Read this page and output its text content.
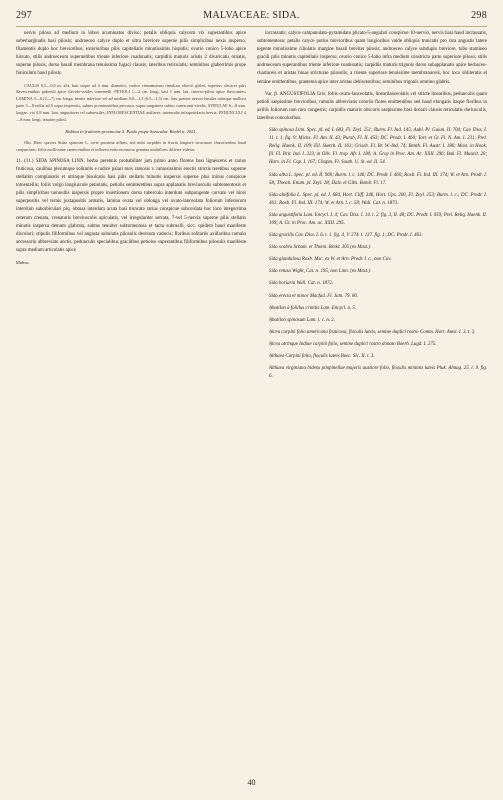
297	MALVACEAE: SIDA.	298

nervis piloso ad medium in lobos acuminatos diviso; petalis obliquis calycem vix superantibus apice subemarginatis basi pilosis; androeceo calyce duplo et ultra breviore superne pilis simplicibus nexis insperso, filamentis duplo hoc brevioribus, exterioribus pilis capitellatis minutissimis hispidis; ovario conico 5-lobo apice hirsuto, stilis androeceum superantibus triente inferiore coadunatis; carpidiis maturis aristis 2 divaricatis ornatis, superne pilosis, dorso basali membrana tenuissima fugaci clausis, lateribus reticulatis; seminibus glaberrimis prope funiculum haud pilosis.

CAULIS 0,5—0,6 m. alti, basi usque ad 4 mm. diametro, cortice cinnamomeo rimuloso obtecti glabri, superius olivacei pilis flavescentibus puberuli apice flavido-virides tomentelli. PETIOLI 1—2 cm. longi, basi 1 mm. lati, cinereo-pilosi apice flavicantes; LAMINA 3—6 (2—7) cm. longa, triente inferiore vel ad medium 0,8—1,3 (0,5—1,5) cm. lata, praeter nervos basales utrinque mollissi parte 5—8 radiis ad 6 supra impressis, subtus prominentibus percursa, supra sanguinea subtus canescenti-viridis; STIPULAE 6—8 mm. longae, vix 0,8 mm. lata, angustiores rel subsessiles; INFLORESCENTIAE axillares, internodia infrapetiolaria brevia. PEDUNCULI 4—8 mm. longi, tenuiter pilosi.

Habitat in fruticetis provinciae S. Paulo prope Sorocaba: Riedel n. 2021.

Obs. Haec species Sidae spinosae L. certe proxima affinis, sed mihi carpidiis in fructu longiore structurae characteribus haud conjunctam; foliis mollissime canescentibus et inflorescentia racemosa genuina multifloris differre videtur.

11. (11.) SIDA SPINOSA LINN. herba perennis probabiliter jam primo anno florens basi lignescens et rarius fruticosa, caulibus plerumque solitariis e radice palari mox ramosis v. ramosissimis erectis strictis teretibus superne stellatim complanatis et utrinque bisulcatis basi pilis stellatis minutis inspersis superne plus minus conspicue tomentellis; foliis vulgo longiuscule petiolatis, petiolis semiteretibus supra applanatis breviusculis subtomentosis et pilis simplicibus nonnullis inspersis propre insertionem dorso tuberculo interdum subpungente curvato vel binis superpositis vel ternis juxtapositis armatis, lamina ovata vel oblonga vel ovato-lanceolata foliorum inferiorum interdum suborbiculari plq. obtusa interdum acuta basi truncata rarius conspicue subcordata hoc loco integerrima ceterum crenata, crenaturis breviusculis apiculatis, vel irregulariter serrata, 7-vel 5-nervia superne pilis stellatis minutis inspersa demum glabrata, subtus tenuiter subtomentosa et tactu submolli, sicc. quidem haud manifeste discolori; stipulis filiformibus vel angusta subulatis pilosulis deorsum caducis; floribus solitariis axillaribus ramulo accessorio abbreviato anctis, pedunculis specialibus gracilibus petiolos superantibus filiformibus pilosulis manifeste supra medium articulatis apice

Malvac.

incrassatis; calyce campanulato-pyramidato plicato-5-angulari conspicue 10-nervio, nervis basi haud incrassatis, subtomentoso; petalis calyce potius brevioribus quam longioribus valde obliquis truncatis pro rara angustis latere tegente minutissime ciliolatis margine basali breviter pilosis; androeceo calyce subduplo breviore, tubo stamineo gracili pilis minutis capitellatis insperso; ovario conico 5-lobo infra medium constricto parte superiore piloso; stilis androeceum superantibus triente inferiore coadunatis; carpidiis maturis trigonis dorso subapplanatis apice herbaceo-chartaceis et aristas binas stricturae pilosulis, a triente superiore tenuissime membranaceis, hoc loco obliteratis et semine emittentibus, praeterea apice inter aristas dehiscentibus; seminibus trigonis omnino glabris.

Var. β. ANGUSTIFOLIA Gris. foliis ovato-lanceolatis, linearilanceolatis vel stricte linearibus, pedunculis quam petioli saepissime brevioribus, ramulis abbreviatis coloriis flores emittentibus sed haud elongatis itaque floribus in axillis foliorum non raro congestis; carpidiis maturis obscuris saepissime basi dorsali clausis reticulatis duriusculis, lateribus concoloribus.

Sida spinosa Linn. Spec. pl. ed. I. 683, Fl. Zeyl. 251; Burm. Fl. Ind. 145; Aubl. Pl. Guian. II. 704; Cav. Diss. I. 11. t. 1. fig. 9; Michx. Fl. Am. II. 43; Pursh, Fl. II. 453; DC. Prodr. I. 460; Torr. et Gr. Fl. N. Am. I. 231; Prel. Reliq. Haenk. II. 109; Ell. Sketch. II. 161; Griseb. Fl. Br. W.-Ind. 74; Benth. Fl. Austr. I. 186; Mast. in Hook. fil. Fl. Brit. Ind. I. 323, in Oliv. Fl. trop. Afr. I. 180; A. Gray in Proc. Am. Ac. XXII. 296; Bak. Fl. Mauvit. 20; Harv. in Fl. Cap. I. 167; Chapm. Fl. South. U. St. ed. II. 54.

Sida alba L. Spec. pl. ed. II. 960; Burm. l. c. 146; DC. Prodr. I. 460; Roxb. Fl. Ind. III. 174; W. et Arn. Prodr. I. 58; Thwait. Enum. pl. Zeyl. 28; Dalz. et Gibs. Bomb. Fl. 17.

Sida alnifolia L. Spec. pl. ed. I. 684, Hort. Cliff. 346, Hort. Ups. 200, Fl. Zeyl. 253; Burm. l. c.; DC. Prodr. I. 461; Roxb. Fl. Ind. III. 174; W. et Arn. l. c. 58; Wall. Cat. n. 1873.

Sida angustifolia Lam. Encycl. I. 4; Cav. Diss. I. 14. t. 2. fig. 3, II. 48; DC. Prodr. I. 459; Prel. Reliq. Haenk. II. 109; A. Gr. in Proc. Am. ac. XXII. 295.

Sida gracilis Cav. Diss. I. 6. t. 1. fig. 4, V. 274. t. 137. fig. 1; DC. Prodr. I. 461.

Sida scabra Schum. et Thonn. Beskr. 305 (ex Mast.).

Sida glandulosa Roxb. Msc. ex W. et Arn. Prodr. l. c., non Cav.

Sida retusa Wight, Cat. n. 195, non Linn. (ex Mast.).

Sida boriaria Wall. Cat. n. 1872.

Sida erecta et minor Macfad. Fl. Jam. 79. 80.

Abutilon à foliilus crinitis Lam. Encycl. n. 5.

Abutilon spinosum Lam. l. c. n. 2.

Alcea carpini folio americana fruticosa, floculis luteis, semine duplici rostro Comm. Hort. Amst. I. 3. t. 2.

Alcea utrinque Indiae carpini folio, semine duplici rostro donato Boerh. Lugd. I. 275.

Althaea Carpini folio, floculis luteis Boec. Sic. II. t. 3.

Althaea virginiana bidens pimpinellae majoris austiore folio, floculis minimis luteis Pluk. Almag. 25. t. 9. fig. 6.

40
